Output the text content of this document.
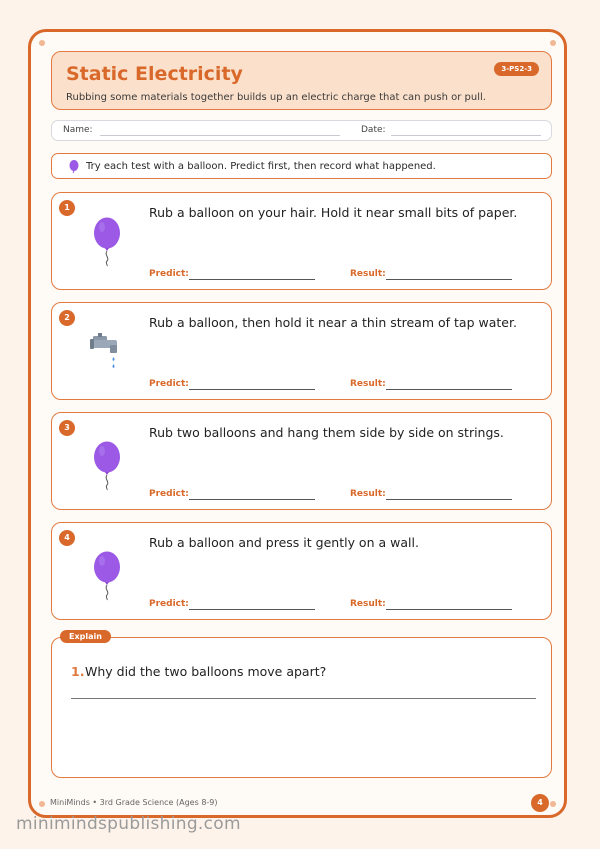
Static Electricity
Rubbing some materials together builds up an electric charge that can push or pull.
3-PS2-3
Name:	Date:
Try each test with a balloon. Predict first, then record what happened.
1	Rub a balloon on your hair. Hold it near small bits of paper.
Predict:	Result:
2	Rub a balloon, then hold it near a thin stream of tap water.
Predict:	Result:
3	Rub two balloons and hang them side by side on strings.
Predict:	Result:
4	Rub a balloon and press it gently on a wall.
Predict:	Result:
Explain
1. Why did the two balloons move apart?
MiniMinds • 3rd Grade Science (Ages 8-9)	4
minimindspublishing.com
